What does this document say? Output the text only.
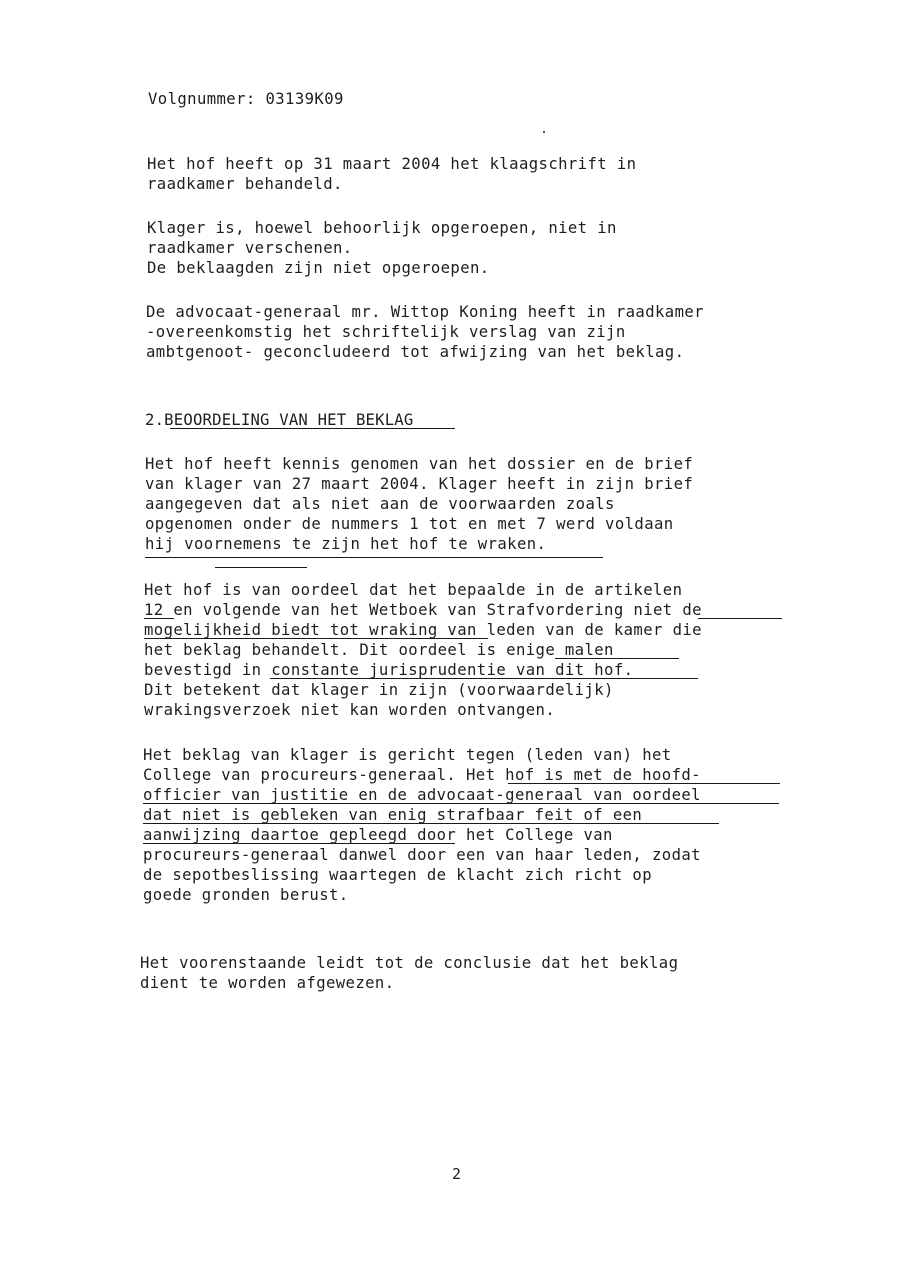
Volgnummer: 03139K09
Het hof heeft op 31 maart 2004 het klaagschrift in
raadkamer behandeld.
Klager is, hoewel behoorlijk opgeroepen, niet in
raadkamer verschenen.
De beklaagden zijn niet opgeroepen.
De advocaat-generaal mr. Wittop Koning heeft in raadkamer
-overeenkomstig het schriftelijk verslag van zijn
ambtgenoot- geconcludeerd tot afwijzing van het beklag.
2.BEOORDELING VAN HET BEKLAG
Het hof heeft kennis genomen van het dossier en de brief
van klager van 27 maart 2004. Klager heeft in zijn brief
aangegeven dat als niet aan de voorwaarden zoals
opgenomen onder de nummers 1 tot en met 7 werd voldaan
hij voornemens te zijn het hof te wraken.
Het hof is van oordeel dat het bepaalde in de artikelen
12 en volgende van het Wetboek van Strafvordering niet de
mogelijkheid biedt tot wraking van leden van de kamer die
het beklag behandelt. Dit oordeel is enige malen
bevestigd in constante jurisprudentie van dit hof.
Dit betekent dat klager in zijn (voorwaardelijk)
wrakingsverzoek niet kan worden ontvangen.
Het beklag van klager is gericht tegen (leden van) het
College van procureurs-generaal. Het hof is met de hoofd-
officier van justitie en de advocaat-generaal van oordeel
dat niet is gebleken van enig strafbaar feit of een
aanwijzing daartoe gepleegd door het College van
procureurs-generaal danwel door een van haar leden, zodat
de sepotbeslissing waartegen de klacht zich richt op
goede gronden berust.
Het voorenstaande leidt tot de conclusie dat het beklag
dient te worden afgewezen.
2
